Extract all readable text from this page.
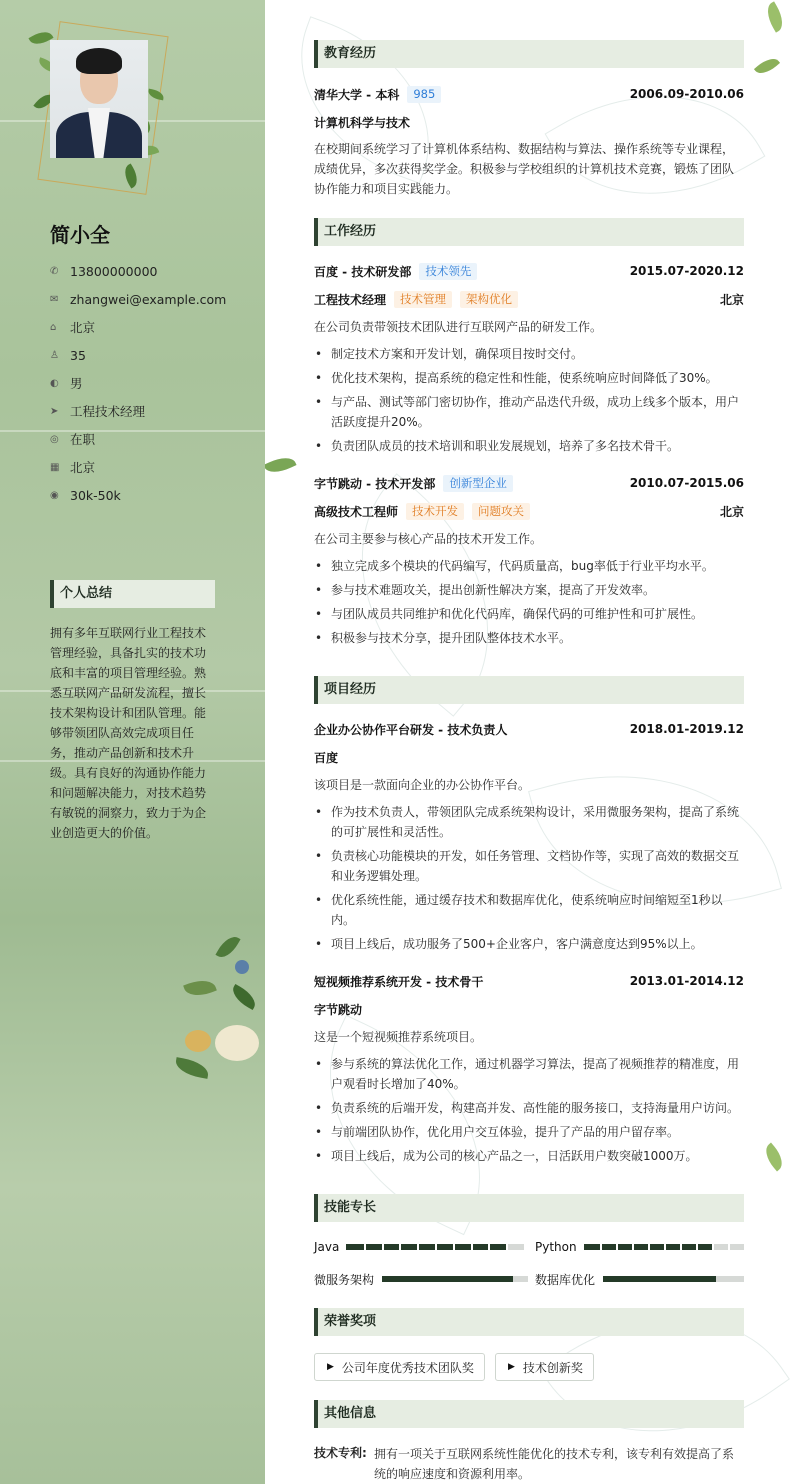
简小全
✆ 13800000000
✉ zhangwei@example.com
⌂	北京
♙ 35
◐ 男
➤ 工程技术经理
◎ 在职
▦ 北京
◉ 30k-50k
个人总结
拥有多年互联网行业工程技术管理经验，具备扎实的技术功底和丰富的项目管理经验。熟悉互联网产品研发流程，擅长技术架构设计和团队管理。能够带领团队高效完成项目任务，推动产品创新和技术升级。具有良好的沟通协作能力和问题解决能力，对技术趋势有敏锐的洞察力，致力于为企业创造更大的价值。
教育经历
清华大学 - 本科	985	2006.09-2010.06
计算机科学与技术
在校期间系统学习了计算机体系结构、数据结构与算法、操作系统等专业课程，成绩优异，多次获得奖学金。积极参与学校组织的计算机技术竞赛，锻炼了团队协作能力和项目实践能力。
工作经历
百度 - 技术研发部	技术领先	2015.07-2020.12
工程技术经理	技术管理	架构优化	北京
在公司负责带领技术团队进行互联网产品的研发工作。
• 制定技术方案和开发计划，确保项目按时交付。
• 优化技术架构，提高系统的稳定性和性能，使系统响应时间降低了30%。
• 与产品、测试等部门密切协作，推动产品迭代升级，成功上线多个版本，用户活跃度提升20%。
• 负责团队成员的技术培训和职业发展规划，培养了多名技术骨干。
字节跳动 - 技术开发部	创新型企业	2010.07-2015.06
高级技术工程师	技术开发	问题攻关	北京
在公司主要参与核心产品的技术开发工作。
• 独立完成多个模块的代码编写，代码质量高，bug率低于行业平均水平。
• 参与技术难题攻关，提出创新性解决方案，提高了开发效率。
• 与团队成员共同维护和优化代码库，确保代码的可维护性和可扩展性。
• 积极参与技术分享，提升团队整体技术水平。
项目经历
企业办公协作平台研发 - 技术负责人	2018.01-2019.12
百度
该项目是一款面向企业的办公协作平台。
• 作为技术负责人，带领团队完成系统架构设计，采用微服务架构，提高了系统的可扩展性和灵活性。
• 负责核心功能模块的开发，如任务管理、文档协作等，实现了高效的数据交互和业务逻辑处理。
• 优化系统性能，通过缓存技术和数据库优化，使系统响应时间缩短至1秒以内。
• 项目上线后，成功服务了500+企业客户，客户满意度达到95%以上。
短视频推荐系统开发 - 技术骨干	2013.01-2014.12
字节跳动
这是一个短视频推荐系统项目。
• 参与系统的算法优化工作，通过机器学习算法，提高了视频推荐的精准度，用户观看时长增加了40%。
• 负责系统的后端开发，构建高并发、高性能的服务接口，支持海量用户访问。
• 与前端团队协作，优化用户交互体验，提升了产品的用户留存率。
• 项目上线后，成为公司的核心产品之一，日活跃用户数突破1000万。
技能专长
Java	Python
微服务架构	数据库优化
荣誉奖项
▶ 公司年度优秀技术团队奖	▶ 技术创新奖
其他信息
技术专利: 拥有一项关于互联网系统性能优化的技术专利，该专利有效提高了系统的响应速度和资源利用率。
